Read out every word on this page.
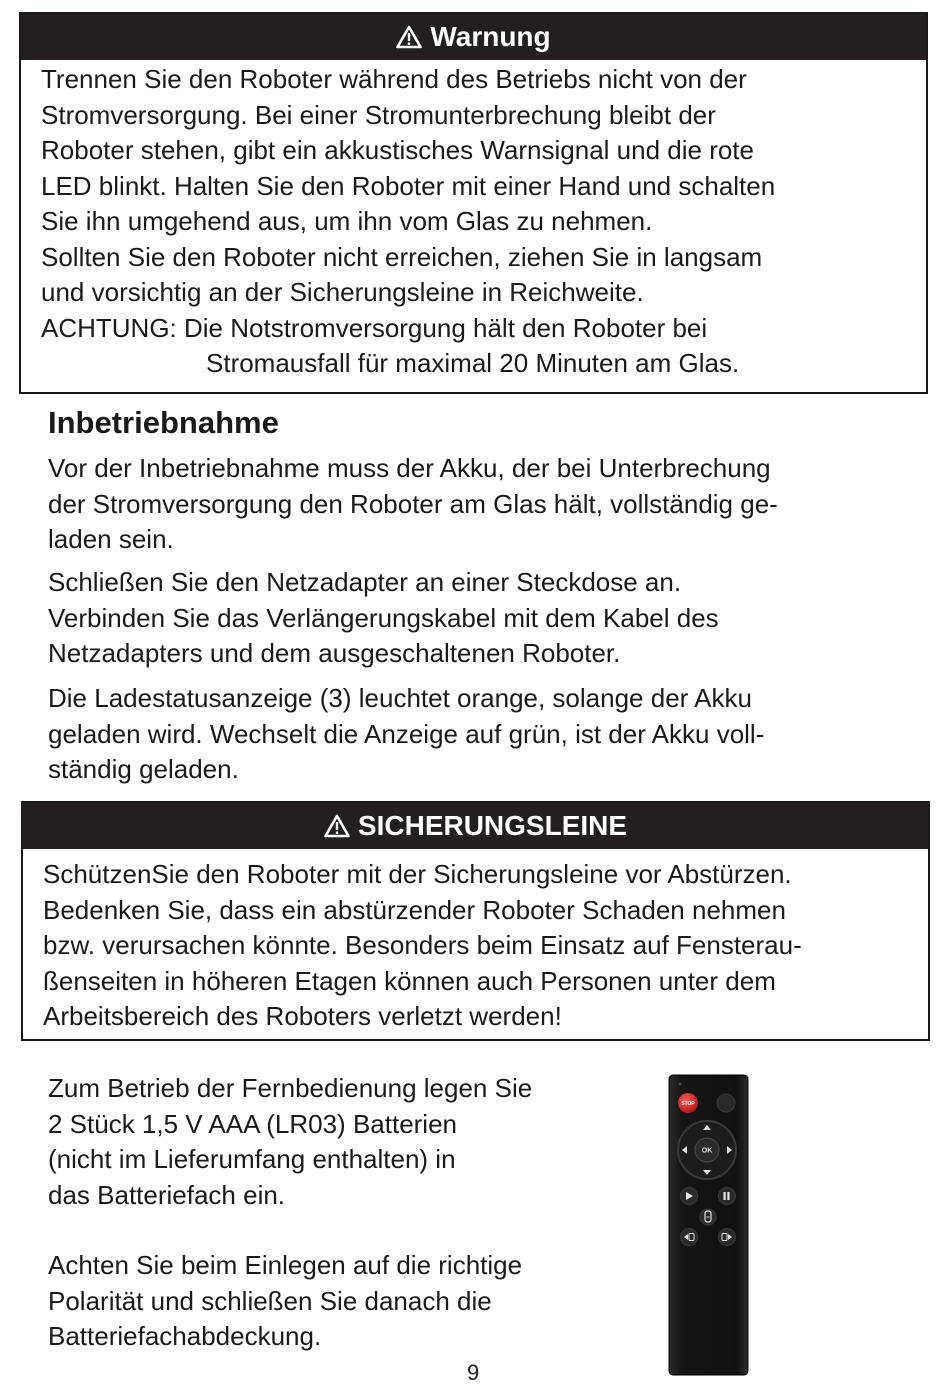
Warnung
Trennen Sie den Roboter während des Betriebs nicht von der
Stromversorgung. Bei einer Stromunterbrechung bleibt der
Roboter stehen, gibt ein akkustisches Warnsignal und die rote
LED blinkt. Halten Sie den Roboter mit einer Hand und schalten
Sie ihn umgehend aus, um ihn vom Glas zu nehmen.
Sollten Sie den Roboter nicht erreichen, ziehen Sie in langsam
und vorsichtig an der Sicherungsleine in Reichweite.
ACHTUNG: Die Notstromversorgung hält den Roboter bei
Stromausfall für maximal 20 Minuten am Glas.
Inbetriebnahme
Vor der Inbetriebnahme muss der Akku, der bei Unterbrechung
der Stromversorgung den Roboter am Glas hält, vollständig ge-
laden sein.
Schließen Sie den Netzadapter an einer Steckdose an.
Verbinden Sie das Verlängerungskabel mit dem Kabel des
Netzadapters und dem ausgeschaltenen Roboter.
Die Ladestatusanzeige (3) leuchtet orange, solange der Akku
geladen wird. Wechselt die Anzeige auf grün, ist der Akku voll-
ständig geladen.
SICHERUNGSLEINE
SchützenSie den Roboter mit der Sicherungsleine vor Abstürzen.
Bedenken Sie, dass ein abstürzender Roboter Schaden nehmen
bzw. verursachen könnte. Besonders beim Einsatz auf Fensterau-
ßenseiten in höheren Etagen können auch Personen unter dem
Arbeitsbereich des Roboters verletzt werden!
Zum Betrieb der Fernbedienung legen Sie
2 Stück 1,5 V AAA (LR03) Batterien
(nicht im Lieferumfang enthalten) in
das Batteriefach ein.
Achten Sie beim Einlegen auf die richtige
Polarität und schließen Sie danach die
Batteriefachabdeckung.
STOP
OK
9
